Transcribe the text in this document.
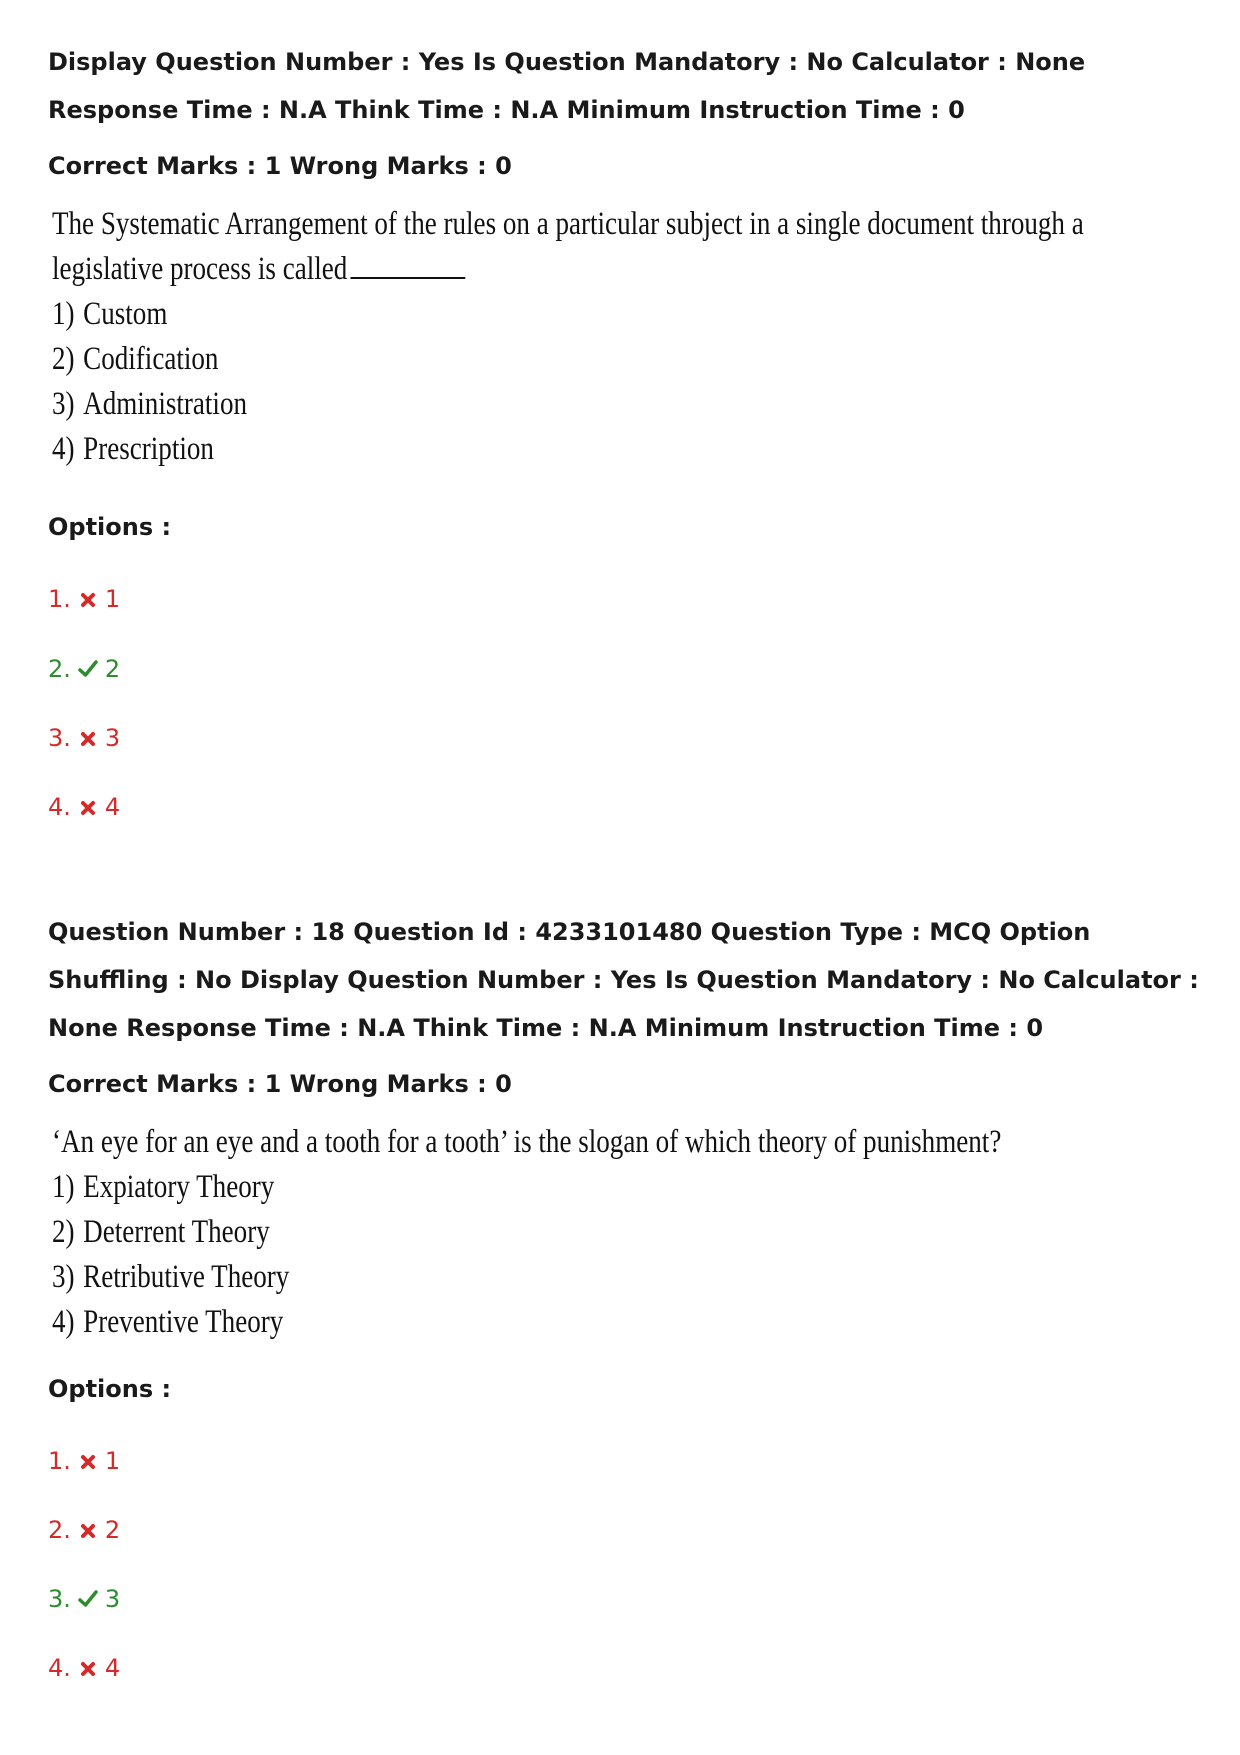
Display Question Number : Yes Is Question Mandatory : No Calculator : None Response Time : N.A Think Time : N.A Minimum Instruction Time : 0

Correct Marks : 1 Wrong Marks : 0

The Systematic Arrangement of the rules on a particular subject in a single document through a

legislative process is called

1) Custom
2) Codification
3) Administration
4) Prescription

Options :

1. 1
2. 2
3. 3
4. 4

Question Number : 18 Question Id : 4233101480 Question Type : MCQ Option Shuffling : No Display Question Number : Yes Is Question Mandatory : No Calculator : None Response Time : N.A Think Time : N.A Minimum Instruction Time : 0

Correct Marks : 1 Wrong Marks : 0

‘An eye for an eye and a tooth for a tooth’ is the slogan of which theory of punishment?

1) Expiatory Theory
2) Deterrent Theory
3) Retributive Theory
4) Preventive Theory

Options :

1. 1
2. 2
3. 3
4. 4
